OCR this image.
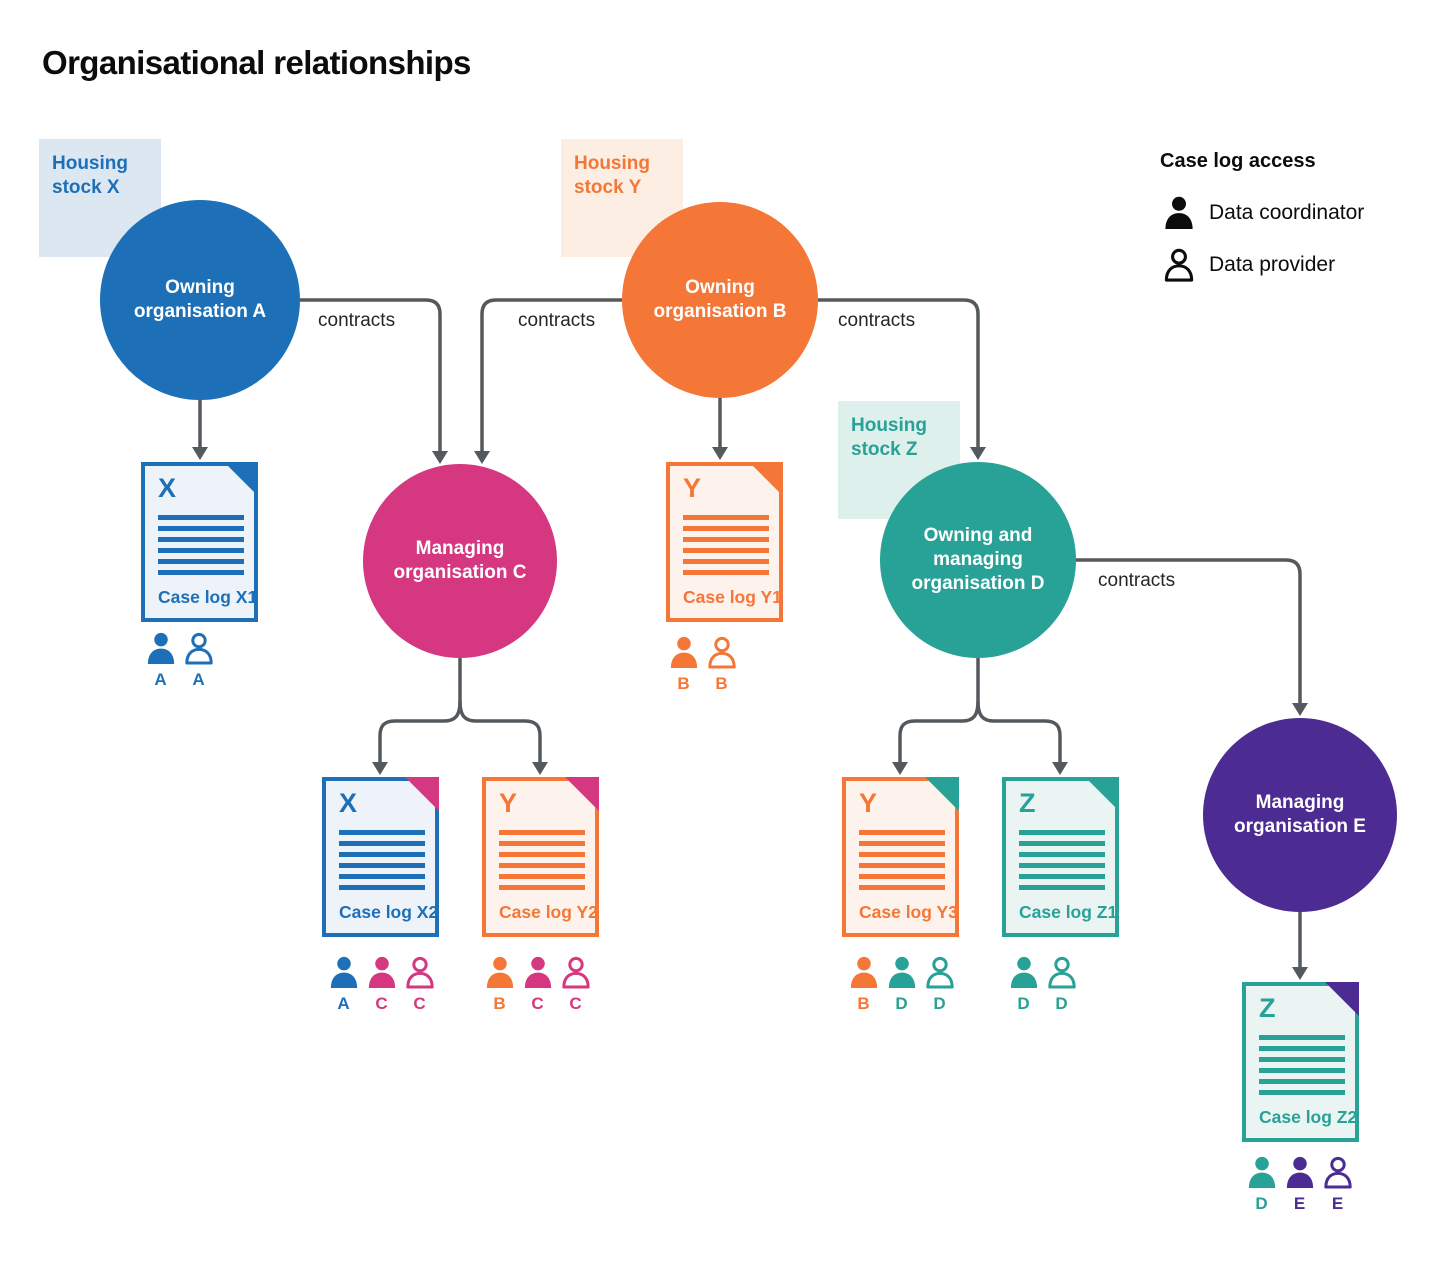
Organisational relationships
Housing stock X
Housing stock Y
Housing stock Z
Owning organisation A
Owning organisation B
Managing organisation C
Owning and managing organisation D
Managing organisation E
contracts	contracts	contracts
contracts
X
Case log X1
Y
Case log Y1
X
Case log X2
Y
Case log Y2
Y
Case log Y3
Z
Case log Z1
Z
Case log Z2
A A	B B
A C C	B C C	B D D	D D
D E E
Case log access
Data coordinator
Data provider
